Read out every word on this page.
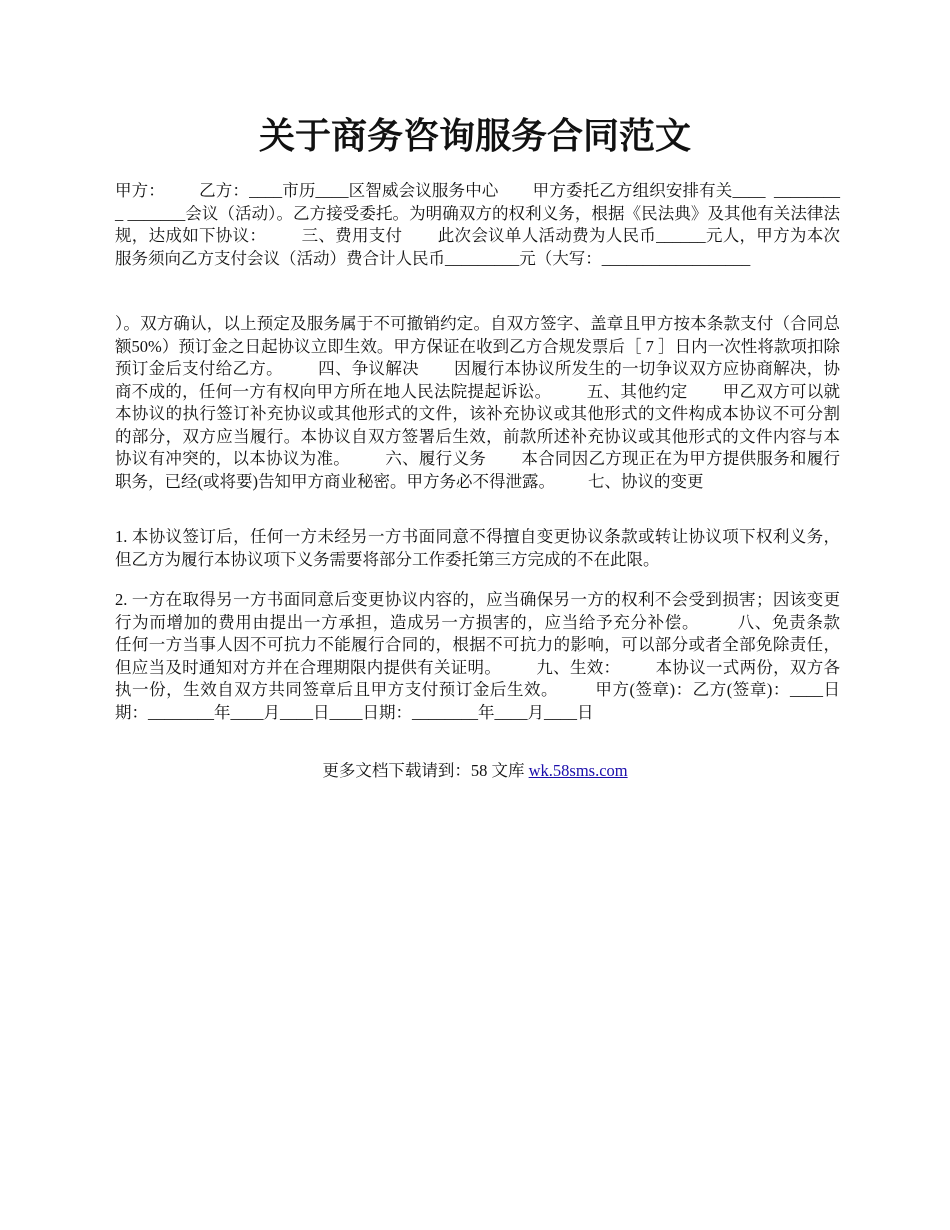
关于商务咨询服务合同范文

甲方：        乙方：____市历____区智威会议服务中心        甲方委托乙方组织安排有关____  _________ _______会议（活动）。乙方接受委托。为明确双方的权利义务，根据《民法典》及其他有关法律法规，达成如下协议：        三、费用支付        此次会议单人活动费为人民币______元人，甲方为本次服务须向乙方支付会议（活动）费合计人民币_________元（大写：__________________

）。双方确认，以上预定及服务属于不可撤销约定。自双方签字、盖章且甲方按本条款支付（合同总额50%）预订金之日起协议立即生效。甲方保证在收到乙方合规发票后［ 7 ］日内一次性将款项扣除预订金后支付给乙方。        四、争议解决        因履行本协议所发生的一切争议双方应协商解决，协商不成的，任何一方有权向甲方所在地人民法院提起诉讼。        五、其他约定        甲乙双方可以就本协议的执行签订补充协议或其他形式的文件，该补充协议或其他形式的文件构成本协议不可分割的部分，双方应当履行。本协议自双方签署后生效，前款所述补充协议或其他形式的文件内容与本协议有冲突的，以本协议为准。        六、履行义务        本合同因乙方现正在为甲方提供服务和履行职务，已经(或将要)告知甲方商业秘密。甲方务必不得泄露。        七、协议的变更

1. 本协议签订后，任何一方未经另一方书面同意不得擅自变更协议条款或转让协议项下权利义务，但乙方为履行本协议项下义务需要将部分工作委托第三方完成的不在此限。

2. 一方在取得另一方书面同意后变更协议内容的，应当确保另一方的权利不会受到损害；因该变更行为而增加的费用由提出一方承担，造成另一方损害的，应当给予充分补偿。        八、免责条款        任何一方当事人因不可抗力不能履行合同的，根据不可抗力的影响，可以部分或者全部免除责任，但应当及时通知对方并在合理期限内提供有关证明。        九、生效：        本协议一式两份，双方各执一份，生效自双方共同签章后且甲方支付预订金后生效。        甲方(签章)：乙方(签章)：____日期：________年____月____日____日期：________年____月____日

更多文档下载请到：58 文库 wk.58sms.com
